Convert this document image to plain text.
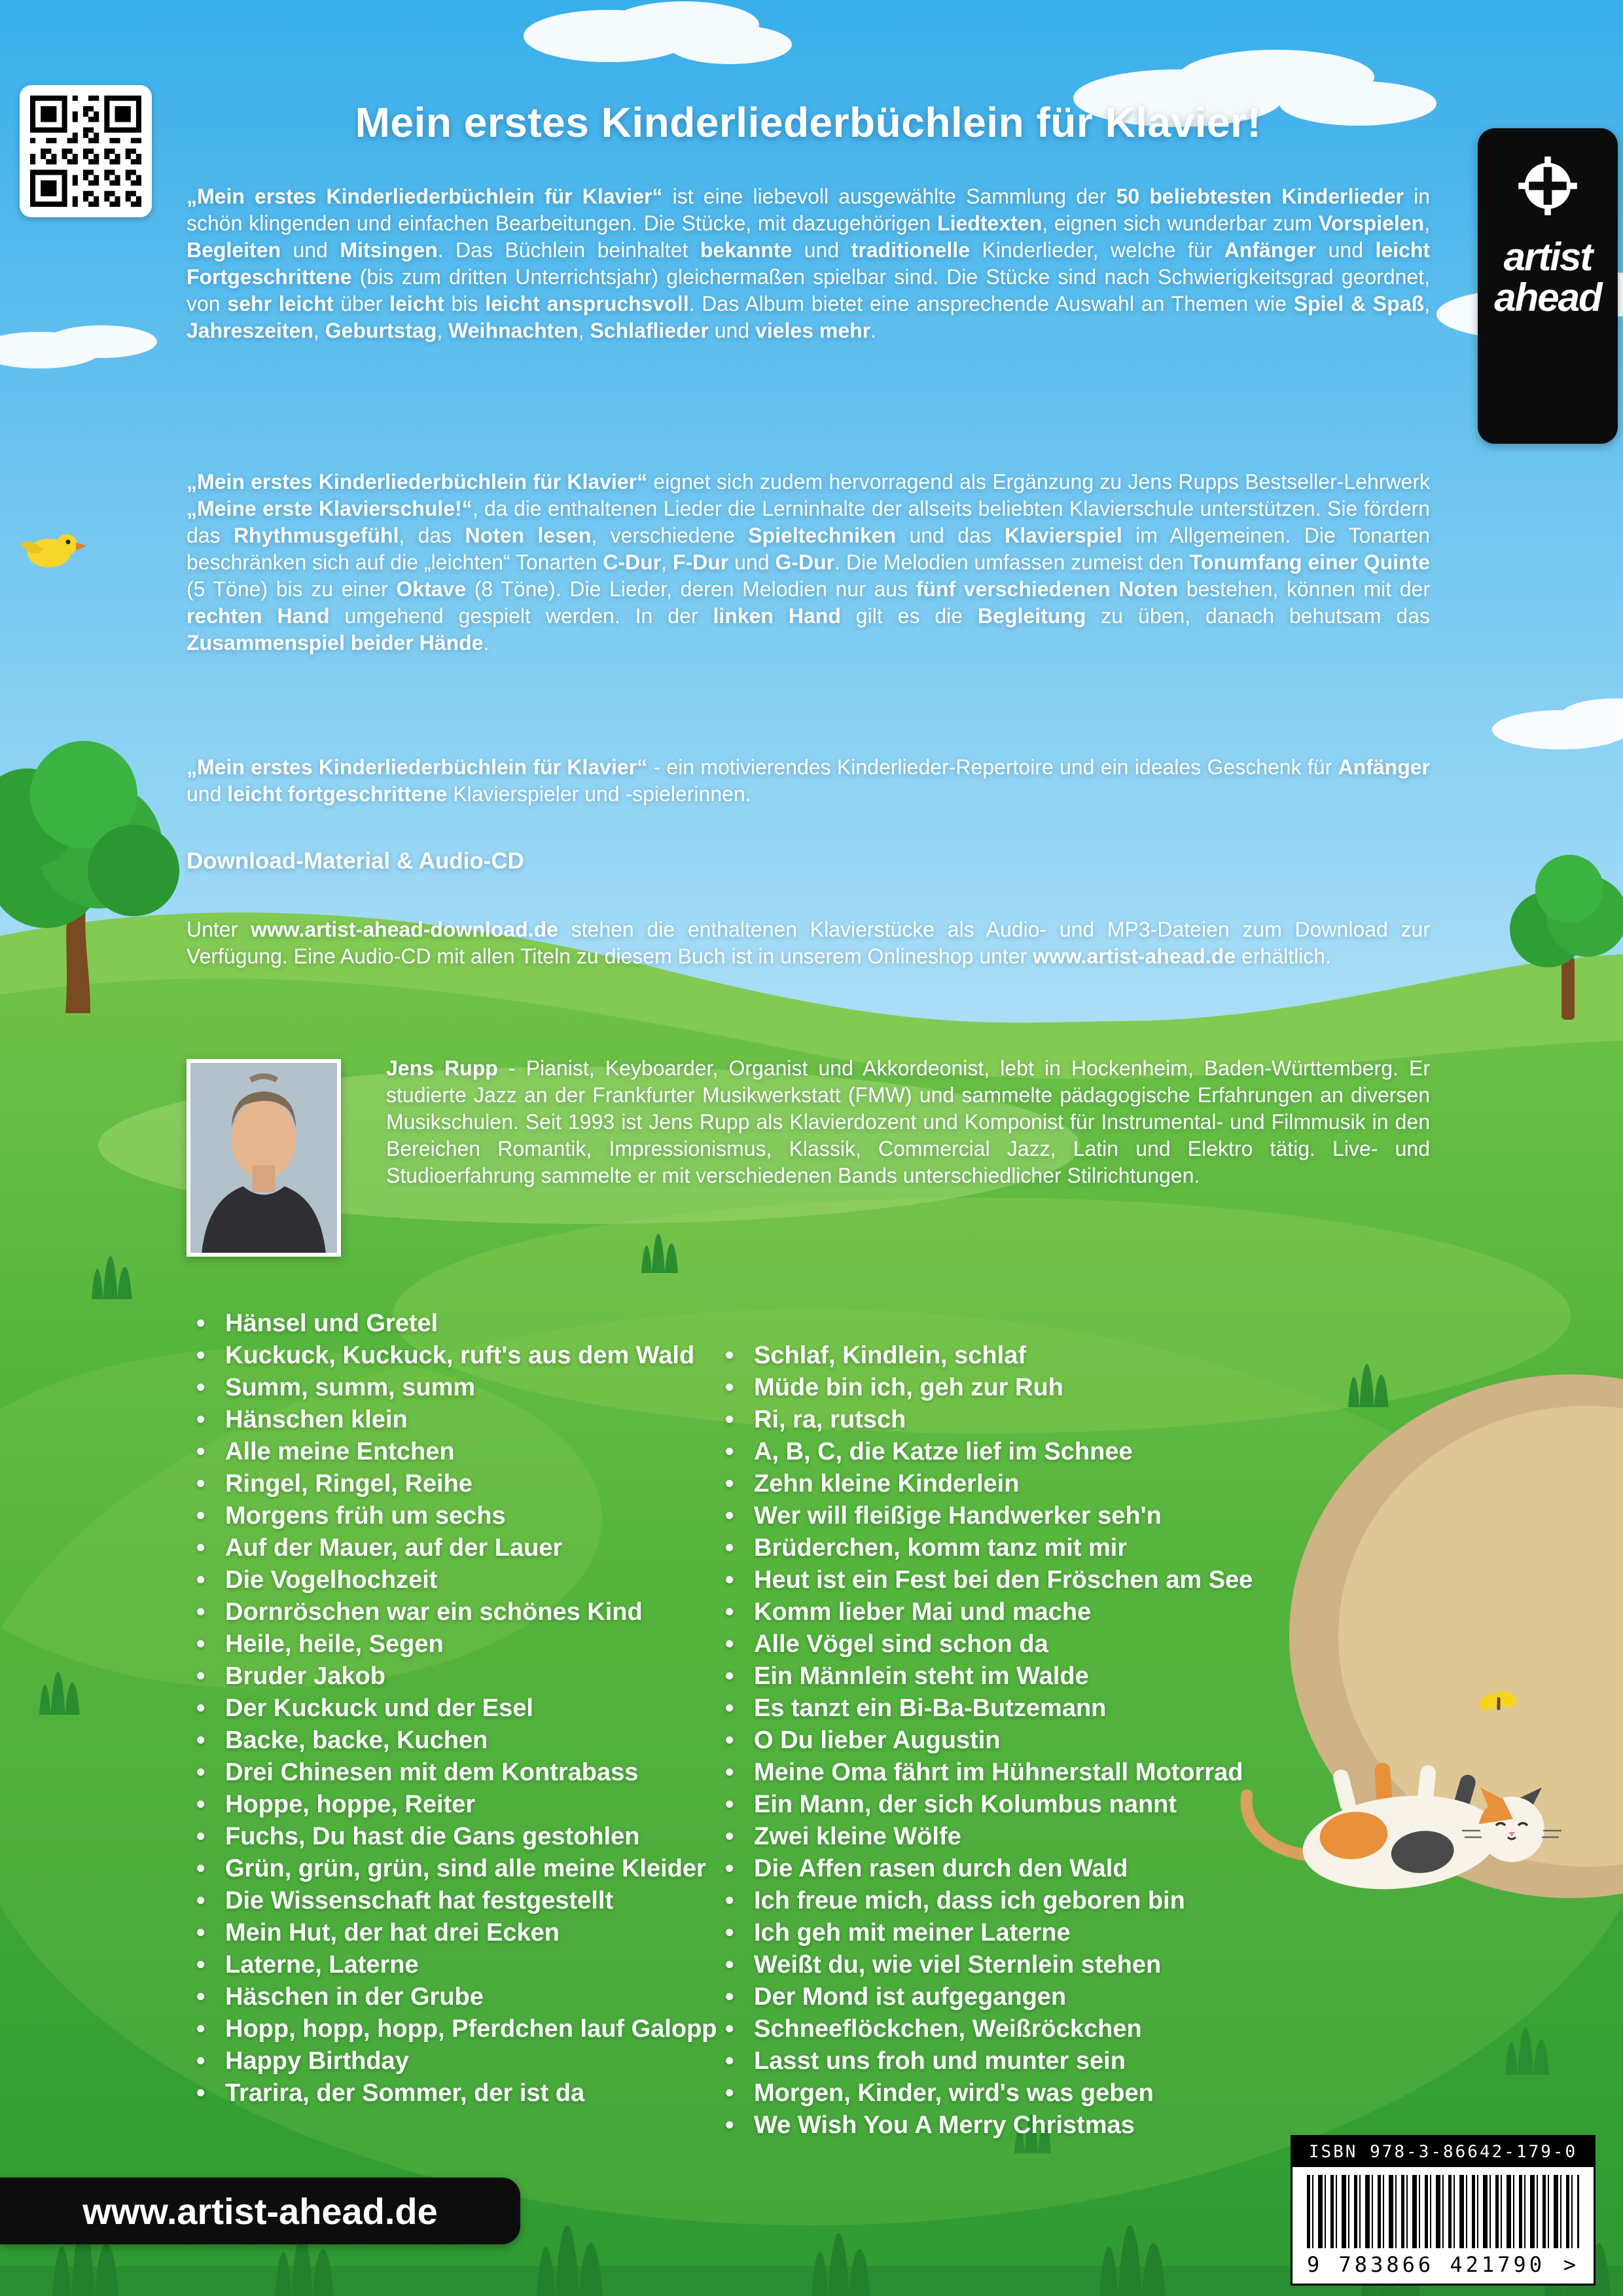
artist
ahead
Mein erstes Kinderliederbüchlein für Klavier!

„Mein erstes Kinderliederbüchlein für Klavier“ ist eine liebevoll ausgewählte Sammlung der 50 beliebtesten Kinderlieder in schön klingenden und einfachen Bearbeitungen. Die Stücke, mit dazugehörigen Liedtexten, eignen sich wunderbar zum Vorspielen, Begleiten und Mitsingen. Das Büchlein beinhaltet bekannte und traditionelle Kinderlieder, welche für Anfänger und leicht Fortgeschrittene (bis zum dritten Unterrichtsjahr) gleichermaßen spielbar sind. Die Stücke sind nach Schwierigkeitsgrad geordnet, von sehr leicht über leicht bis leicht anspruchsvoll. Das Album bietet eine ansprechende Auswahl an Themen wie Spiel & Spaß, Jahreszeiten, Geburtstag, Weihnachten, Schlaflieder und vieles mehr.

„Mein erstes Kinderliederbüchlein für Klavier“ eignet sich zudem hervorragend als Ergänzung zu Jens Rupps Bestseller-Lehrwerk „Meine erste Klavierschule!“, da die enthaltenen Lieder die Lerninhalte der allseits beliebten Klavierschule unterstützen. Sie fördern das Rhythmusgefühl, das Noten lesen, verschiedene Spieltechniken und das Klavierspiel im Allgemeinen. Die Tonarten beschränken sich auf die „leichten“ Tonarten C-Dur, F-Dur und G-Dur. Die Melodien umfassen zumeist den Tonumfang einer Quinte (5 Töne) bis zu einer Oktave (8 Töne). Die Lieder, deren Melodien nur aus fünf verschiedenen Noten bestehen, können mit der rechten Hand umgehend gespielt werden. In der linken Hand gilt es die Begleitung zu üben, danach behutsam das Zusammenspiel beider Hände.

„Mein erstes Kinderliederbüchlein für Klavier“ - ein motivierendes Kinderlieder-Repertoire und ein ideales Geschenk für Anfänger und leicht fortgeschrittene Klavierspieler und -spielerinnen.

Download-Material & Audio-CD

Unter www.artist-ahead-download.de stehen die enthaltenen Klavierstücke als Audio- und MP3-Dateien zum Download zur Verfügung. Eine Audio-CD mit allen Titeln zu diesem Buch ist in unserem Onlineshop unter www.artist-ahead.de erhältlich.

Jens Rupp - Pianist, Keyboarder, Organist und Akkordeonist, lebt in Hockenheim, Baden-Württemberg. Er studierte Jazz an der Frankfurter Musikwerkstatt (FMW) und sammelte pädagogische Erfahrungen an diversen Musikschulen. Seit 1993 ist Jens Rupp als Klavierdozent und Komponist für Instrumental- und Filmmusik in den Bereichen Romantik, Impressionismus, Klassik, Commercial Jazz, Latin und Elektro tätig. Live- und Studioerfahrung sammelte er mit verschiedenen Bands unterschiedlicher Stilrichtungen.

• Hänsel und Gretel
• Kuckuck, Kuckuck, ruft's aus dem Wald
• Summ, summ, summ
• Hänschen klein
• Alle meine Entchen
• Ringel, Ringel, Reihe
• Morgens früh um sechs
• Auf der Mauer, auf der Lauer
• Die Vogelhochzeit
• Dornröschen war ein schönes Kind
• Heile, heile, Segen
• Bruder Jakob
• Der Kuckuck und der Esel
• Backe, backe, Kuchen
• Drei Chinesen mit dem Kontrabass
• Hoppe, hoppe, Reiter
• Fuchs, Du hast die Gans gestohlen
• Grün, grün, grün, sind alle meine Kleider
• Die Wissenschaft hat festgestellt
• Mein Hut, der hat drei Ecken
• Laterne, Laterne
• Häschen in der Grube
• Hopp, hopp, hopp, Pferdchen lauf Galopp
• Happy Birthday
• Trarira, der Sommer, der ist da
• Schlaf, Kindlein, schlaf
• Müde bin ich, geh zur Ruh
• Ri, ra, rutsch
• A, B, C, die Katze lief im Schnee
• Zehn kleine Kinderlein
• Wer will fleißige Handwerker seh'n
• Brüderchen, komm tanz mit mir
• Heut ist ein Fest bei den Fröschen am See
• Komm lieber Mai und mache
• Alle Vögel sind schon da
• Ein Männlein steht im Walde
• Es tanzt ein Bi-Ba-Butzemann
• O Du lieber Augustin
• Meine Oma fährt im Hühnerstall Motorrad
• Ein Mann, der sich Kolumbus nannt
• Zwei kleine Wölfe
• Die Affen rasen durch den Wald
• Ich freue mich, dass ich geboren bin
• Ich geh mit meiner Laterne
• Weißt du, wie viel Sternlein stehen
• Der Mond ist aufgegangen
• Schneeflöckchen, Weißröckchen
• Lasst uns froh und munter sein
• Morgen, Kinder, wird's was geben
• We Wish You A Merry Christmas
www.artist-ahead.de
ISBN 978-3-86642-179-0
9 783866 421790 >
